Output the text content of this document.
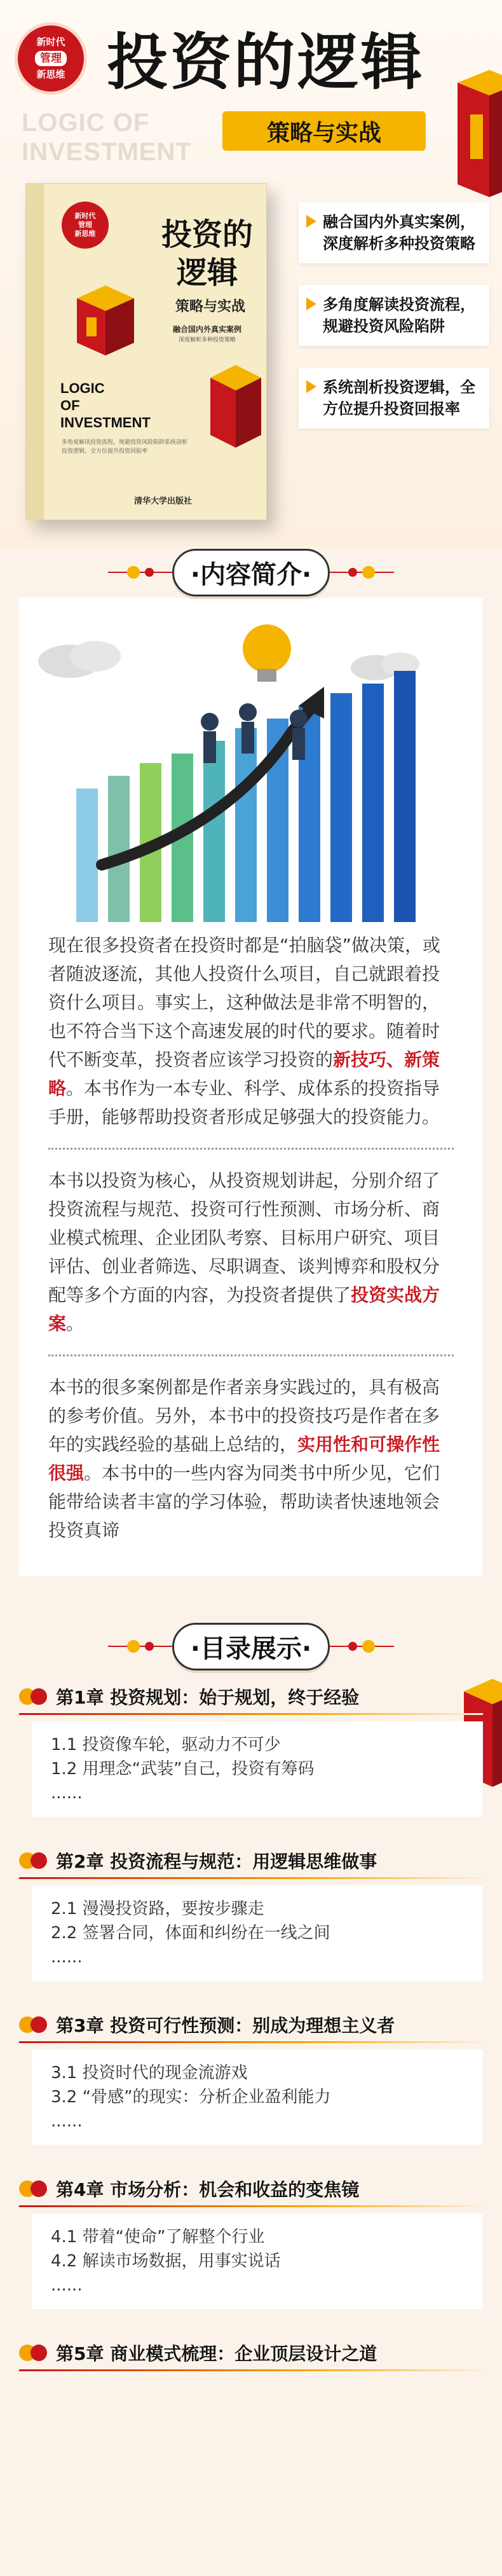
新时代
管理
新思维 投资的逻辑
LOGIC OF
INVESTMENT
策略与实战
新时代
管理
新思维 投资的逻辑
策略与实战
融合国内外真实案例
深度解析多种投资策略
LOGIC
OF
INVESTMENT
多角度解读投资流程，规避投资风险陷阱系统剖析投资逻辑，全方位提升投资回报率
清华大学出版社
融合国内外真实案例，深度解析多种投资策略
多角度解读投资流程，规避投资风险陷阱
系统剖析投资逻辑，全方位提升投资回报率
·内容简介·

现在很多投资者在投资时都是“拍脑袋”做决策，或者随波逐流，其他人投资什么项目，自己就跟着投资什么项目。事实上，这种做法是非常不明智的，也不符合当下这个高速发展的时代的要求。随着时代不断变革，投资者应该学习投资的新技巧、新策略。本书作为一本专业、科学、成体系的投资指导手册，能够帮助投资者形成足够强大的投资能力。

本书以投资为核心，从投资规划讲起，分别介绍了投资流程与规范、投资可行性预测、市场分析、商业模式梳理、企业团队考察、目标用户研究、项目评估、创业者筛选、尽职调查、谈判博弈和股权分配等多个方面的内容，为投资者提供了投资实战方案。

本书的很多案例都是作者亲身实践过的，具有极高的参考价值。另外，本书中的投资技巧是作者在多年的实践经验的基础上总结的，实用性和可操作性很强。本书中的一些内容为同类书中所少见，它们能带给读者丰富的学习体验，帮助读者快速地领会投资真谛

·目录展示·
第1章 投资规划：始于规划，终于经验
1.1 投资像车轮，驱动力不可少
1.2 用理念“武装”自己，投资有筹码
......
第2章 投资流程与规范：用逻辑思维做事
2.1 漫漫投资路，要按步骤走
2.2 签署合同，体面和纠纷在一线之间
......
第3章 投资可行性预测：别成为理想主义者
3.1 投资时代的现金流游戏
3.2 “骨感”的现实：分析企业盈利能力
......
第4章 市场分析：机会和收益的变焦镜
4.1 带着“使命”了解整个行业
4.2 解读市场数据，用事实说话
......
第5章 商业模式梳理：企业顶层设计之道
